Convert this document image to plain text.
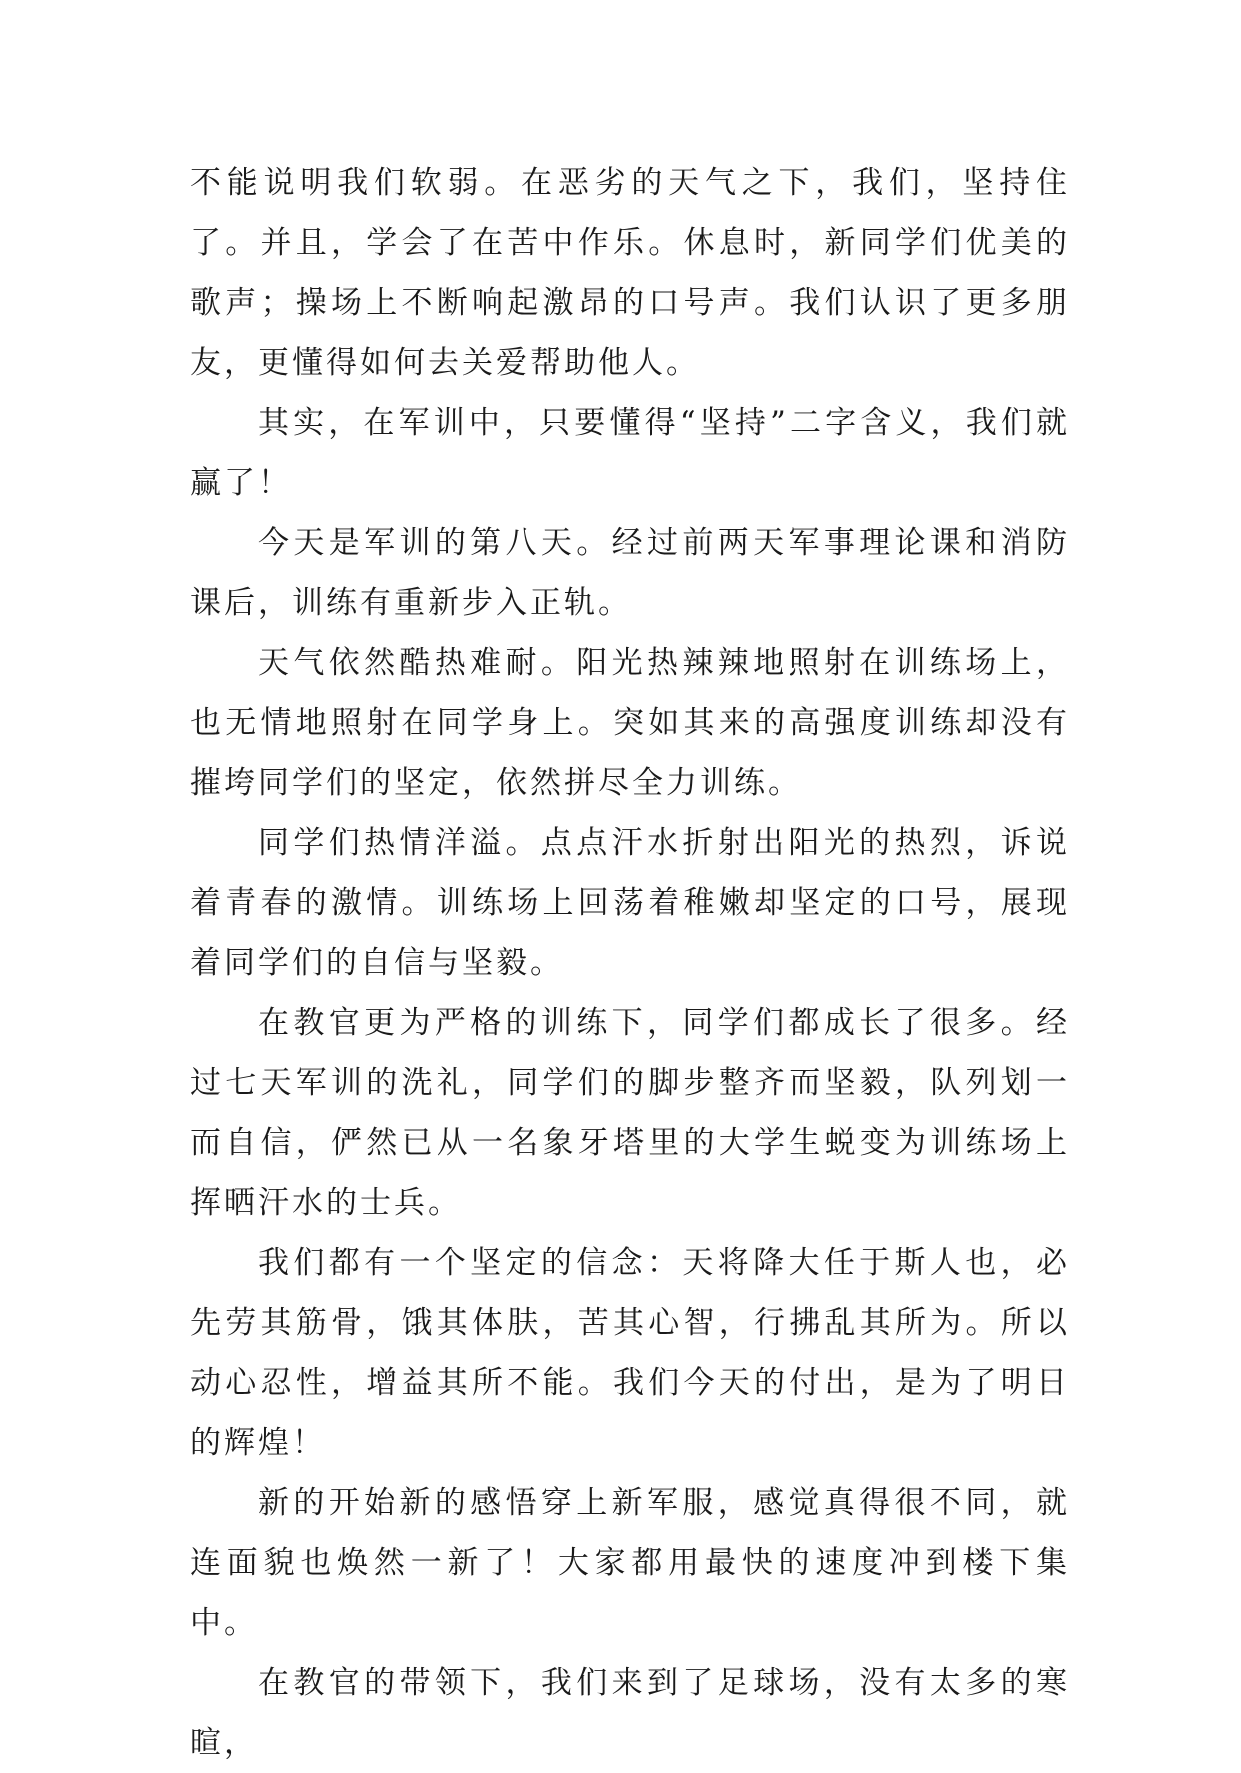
不能说明我们软弱。在恶劣的天气之下，我们，坚持住了。并且，学会了在苦中作乐。休息时，新同学们优美的歌声；操场上不断响起激昂的口号声。我们认识了更多朋友，更懂得如何去关爱帮助他人。

其实，在军训中，只要懂得“坚持”二字含义，我们就赢了！

今天是军训的第八天。经过前两天军事理论课和消防课后，训练有重新步入正轨。

天气依然酷热难耐。阳光热辣辣地照射在训练场上，也无情地照射在同学身上。突如其来的高强度训练却没有摧垮同学们的坚定，依然拼尽全力训练。

同学们热情洋溢。点点汗水折射出阳光的热烈，诉说着青春的激情。训练场上回荡着稚嫩却坚定的口号，展现着同学们的自信与坚毅。

在教官更为严格的训练下，同学们都成长了很多。经过七天军训的洗礼，同学们的脚步整齐而坚毅，队列划一而自信，俨然已从一名象牙塔里的大学生蜕变为训练场上挥晒汗水的士兵。

我们都有一个坚定的信念：天将降大任于斯人也，必先劳其筋骨，饿其体肤，苦其心智，行拂乱其所为。所以动心忍性，增益其所不能。我们今天的付出，是为了明日的辉煌！

新的开始新的感悟穿上新军服，感觉真得很不同，就连面貌也焕然一新了！大家都用最快的速度冲到楼下集中。

在教官的带领下，我们来到了足球场，没有太多的寒暄，
